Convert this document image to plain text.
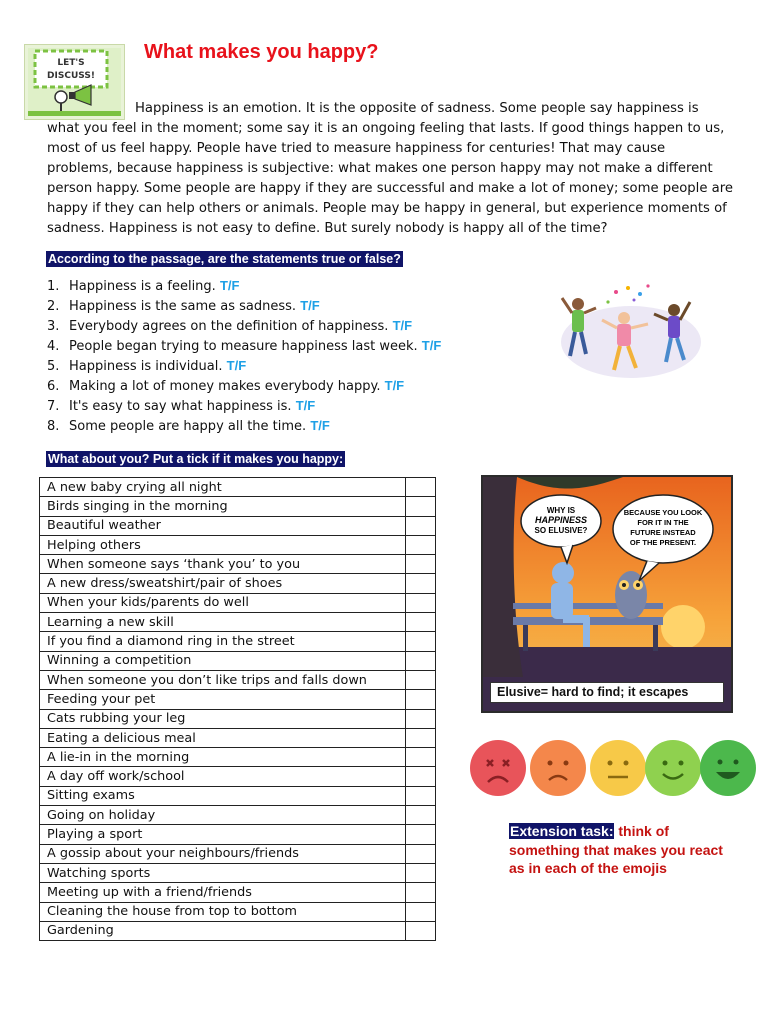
LET'S
DISCUSS!
What makes you happy?
Happiness is an emotion. It is the opposite of sadness. Some people say happiness is
what you feel in the moment; some say it is an ongoing feeling that lasts. If good things happen to us,
most of us feel happy. People have tried to measure happiness for centuries! That may cause
problems, because happiness is subjective: what makes one person happy may not make a different
person happy. Some people are happy if they are successful and make a lot of money; some people are
happy if they can help others or animals. People may be happy in general, but experience moments of
sadness. Happiness is not easy to define. But surely nobody is happy all of the time?
According to the passage, are the statements true or false?
1. Happiness is a feeling. T/F
2. Happiness is the same as sadness. T/F
3. Everybody agrees on the definition of happiness. T/F
4. People began trying to measure happiness last week. T/F
5. Happiness is individual. T/F
6. Making a lot of money makes everybody happy. T/F
7. It's easy to say what happiness is. T/F
8. Some people are happy all the time. T/F
What about you? Put a tick if it makes you happy:
A new baby crying all night	
Birds singing in the morning	
Beautiful weather	
Helping others	
When someone says ‘thank you’ to you	
A new dress/sweatshirt/pair of shoes	
When your kids/parents do well	
Learning a new skill	
If you find a diamond ring in the street	
Winning a competition	
When someone you don’t like trips and falls down	
Feeding your pet	
Cats rubbing your leg	
Eating a delicious meal	
A lie-in in the morning	
A day off work/school	
Sitting exams	
Going on holiday	
Playing a sport	
A gossip about your neighbours/friends	
Watching sports	
Meeting up with a friend/friends	
Cleaning the house from top to bottom	
Gardening	
WHY IS
HAPPINESS
SO ELUSIVE?
BECAUSE YOU LOOK
FOR IT IN THE
FUTURE INSTEAD
OF THE PRESENT.
Elusive= hard to find; it escapes
Extension task: think of something that makes you react as in each of the emojis
